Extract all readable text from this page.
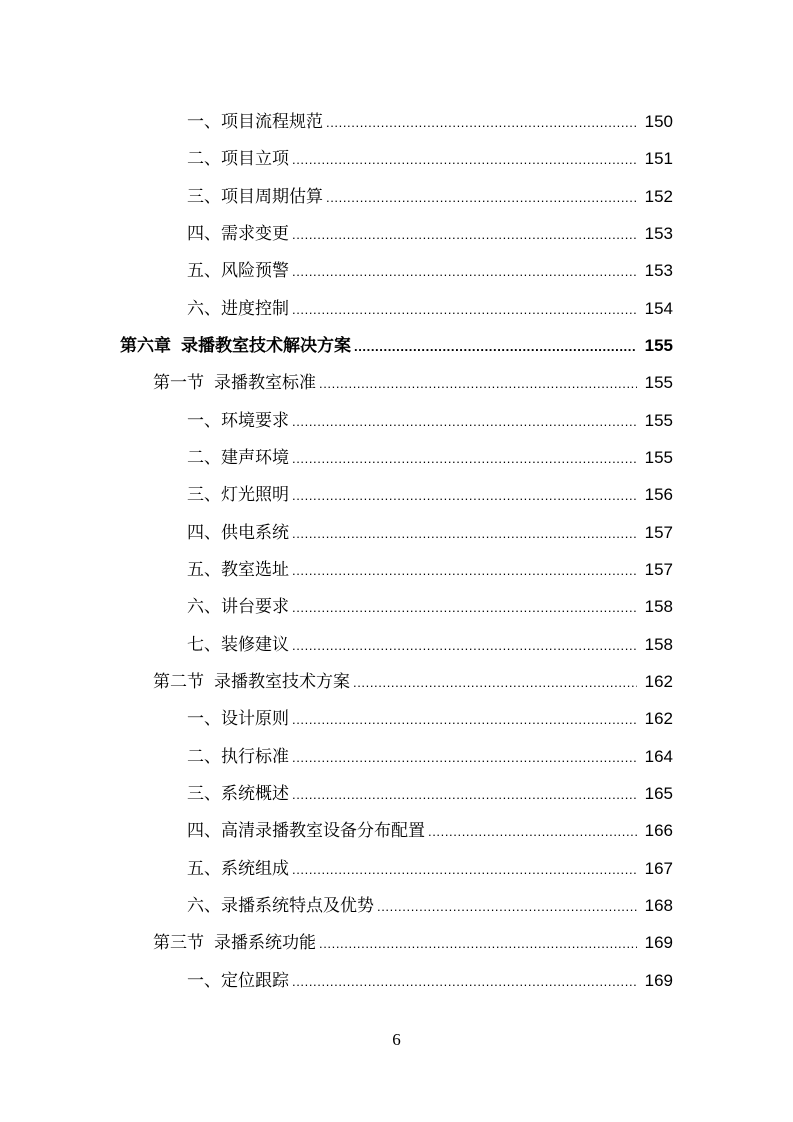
一、项目流程规范 .....	150
二、项目立项 .....	151
三、项目周期估算 .....	152
四、需求变更 .....	153
五、风险预警 .....	153
六、进度控制 .....	154
第六章 录播教室技术解决方案 .....	155
第一节 录播教室标准 .....	155
一、环境要求 .....	155
二、建声环境 .....	155
三、灯光照明 .....	156
四、供电系统 .....	157
五、教室选址 .....	157
六、讲台要求 .....	158
七、装修建议 .....	158
第二节 录播教室技术方案 .....	162
一、设计原则 .....	162
二、执行标准 .....	164
三、系统概述 .....	165
四、高清录播教室设备分布配置 .....	166
五、系统组成 .....	167
六、录播系统特点及优势 .....	168
第三节 录播系统功能 .....	169
一、定位跟踪 .....	169
6
